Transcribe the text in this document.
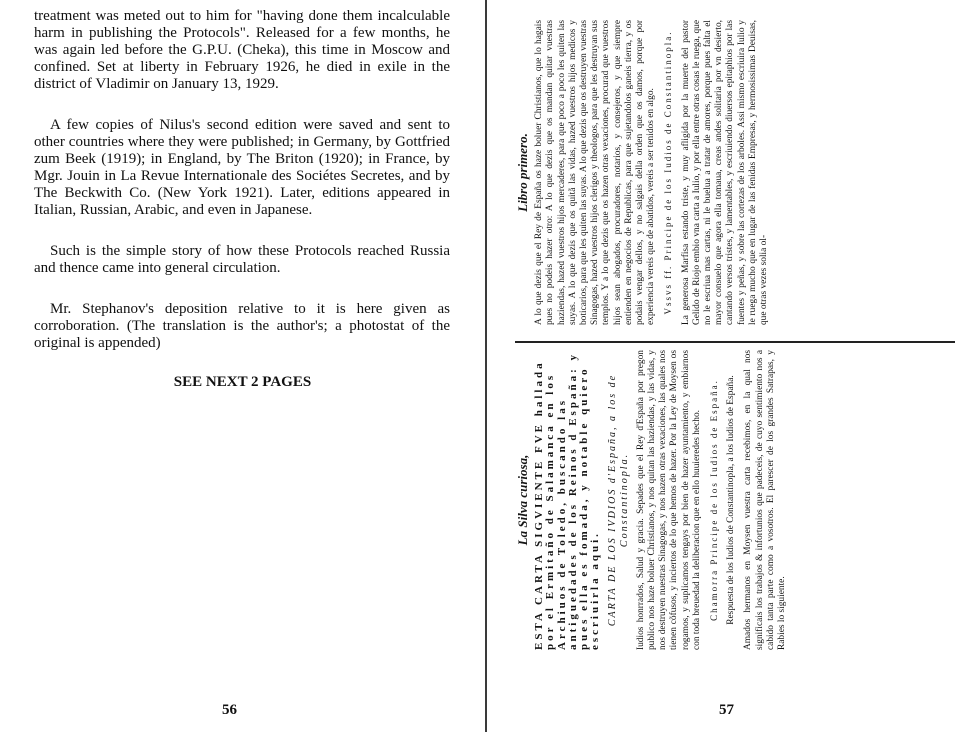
treatment was meted out to him for "having done them incalculable harm in publishing the Protocols". Released for a few months, he was again led before the G.P.U. (Cheka), this time in Moscow and confined. Set at liberty in February 1926, he died in exile in the district of Vladimir on January 13, 1929.

A few copies of Nilus's second edition were saved and sent to other countries where they were published; in Germany, by Gottfried zum Beek (1919); in England, by The Briton (1920); in France, by Mgr. Jouin in La Revue Internationale des Sociétes Secretes, and by The Beckwith Co. (New York 1921). Later, editions appeared in Italian, Russian, Arabic, and even in Japanese.

Such is the simple story of how these Protocols reached Russia and thence came into general circulation.

Mr. Stephanov's deposition relative to it is here given as corroboration. (The translation is the author's; a photostat of the original is appended)

SEE NEXT 2 PAGES
56
Libro primero. A lo que dezis que el Rey de España os haze boluer Christianos, que lo hagais pues no podeis hazer otro: A lo que dezis que os mandan quitar vuestras haziendas, hazed vuestros hijos mercaderes, para que poco a poco les quiten las suyas. A lo que dezis que os quitã las vidas, hazed vuestros hijos medicos y boticarios, para que les quiten las suyas. A lo que dezis que os destruyen vuestras Sinagogas, hazed vuestros hijos clerigos y theologos, para que les destruyan sus templos. Y a lo que dezis que os hazen otras vexaciones, procurad que vuestros hijos sean abogados, procuradores, notarios, y consejeros, y que siempre entienden en negocios de Republicas, para que sujetandolos ganeis tierra, y os podais vengar dellos, y no salgais della orden que os damos, porque por experiencia vereis que de abatidos, vereis a ser tenidos en algo. Vssvs ff. Principe de los Iudios de Constantinopla. La generosa Marfisa estando triste, y muy afligida por la muerte del pastor Gelido de Riojo embio vna carta a Iulio, y por ella entre otras cosas le ruega, que no le escriua mas cartas, ni le buelua a tratar de amores, porque pues falta el mayor consuelo que agora ella tomaua, creas andes solitaria por vn desierto, cantando versos tristes, y lamentables, y escriuiendo diuersos epitaphios por las fuentes y peñas, y sobre las cortezas de los arboles. Assi mismo escriuira Iulio y le ruega mucho que en lugar de las fenidas Empresas, y hermosissimas Deuisas, que otras vezes solia ol-

La Silva curiosa, ESTA CARTA SIGVIENTE FVE hallada por el Ermitaño de Salamanca en los Archiuos de Toledo, buscando las antiguedades de los Reinos d España: y pues ella es fomada, y notable quiero escriuirla aqui. CARTA DE LOS IVDIOS d'España, a los de Constantinopla. Iudios honrrados, Salud y gracia. Sepades que el Rey d'España por pregon publico nos haze boluer Christianos, y nos quitan las haziendas, y las vidas, y nos destruyen nuestras Sinagogas, y nos hazen otras vexaciones, las quales nos tienen cõfusos, y inciertos de lo que hemos de hazer. Por la Ley de Moysen os rogamos, y suplicamos tengays por bien de hazer ayuntamiento, y embiarnos con toda breuedad la deliberacion que en ello huuieredes hecho. Chamorra Principe de los Iudios de España. Respuesta de los Iudios de Constantinopla, a los Iudios de España. Amados hermanos en Moysen vuestra carta recebimos, en la qual nos significais los trabajos & infortunios que padeceis, de cuyo sentimiento nos a cabido tanta parte como a vosotros. El parescer de los grandes Satrapas, y Rabies lo siguiente.

57
